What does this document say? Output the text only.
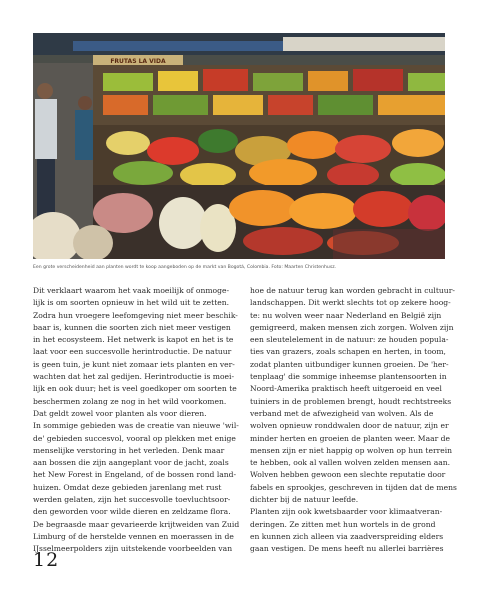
FRUTAS LA VIDA
Een grote verscheidenheid aan planten wordt te koop aangeboden op de markt van Bogotá, Colombia. Foto: Maarten Christenhusz.
Dit verklaart waarom het vaak moeilijk of onmoge-
lijk is om soorten opnieuw in het wild uit te zetten.
Zodra hun vroegere leefomgeving niet meer beschik-
baar is, kunnen die soorten zich niet meer vestigen
in het ecosysteem. Het netwerk is kapot en het is te
laat voor een succesvolle herintroductie. De natuur
is geen tuin, je kunt niet zomaar iets planten en ver-
wachten dat het zal gedijen. Herintroductie is moei-
lijk en ook duur; het is veel goedkoper om soorten te
beschermen zolang ze nog in het wild voorkomen.
Dat geldt zowel voor planten als voor dieren.
In sommige gebieden was de creatie van nieuwe 'wil-
de' gebieden succesvol, vooral op plekken met enige
menselijke verstoring in het verleden. Denk maar
aan bossen die zijn aangeplant voor de jacht, zoals
het New Forest in Engeland, of de bossen rond land-
huizen. Omdat deze gebieden jarenlang met rust
werden gelaten, zijn het succesvolle toevluchtsoor-
den geworden voor wilde dieren en zeldzame flora.
De begraasde maar gevarieerde krijtweiden van Zuid
Limburg of de herstelde vennen en moerassen in de
IJsselmeerpolders zijn uitstekende voorbeelden van
hoe de natuur terug kan worden gebracht in cultuur-
landschappen. Dit werkt slechts tot op zekere hoog-
te: nu wolven weer naar Nederland en België zijn
gemigreerd, maken mensen zich zorgen. Wolven zijn
een sleutelelement in de natuur: ze houden popula-
ties van grazers, zoals schapen en herten, in toom,
zodat planten uitbundiger kunnen groeien. De 'her-
tenplaag' die sommige inheemse plantensoorten in
Noord-Amerika praktisch heeft uitgeroeid en veel
tuiniers in de problemen brengt, houdt rechtstreeks
verband met de afwezigheid van wolven. Als de
wolven opnieuw ronddwalen door de natuur, zijn er
minder herten en groeien de planten weer. Maar de
mensen zijn er niet happig op wolven op hun terrein
te hebben, ook al vallen wolven zelden mensen aan.
Wolven hebben gewoon een slechte reputatie door
fabels en sprookjes, geschreven in tijden dat de mens
dichter bij de natuur leefde.
Planten zijn ook kwetsbaarder voor klimaatveran-
deringen. Ze zitten met hun wortels in de grond
en kunnen zich alleen via zaadverspreiding elders
gaan vestigen. De mens heeft nu allerlei barrières
12
